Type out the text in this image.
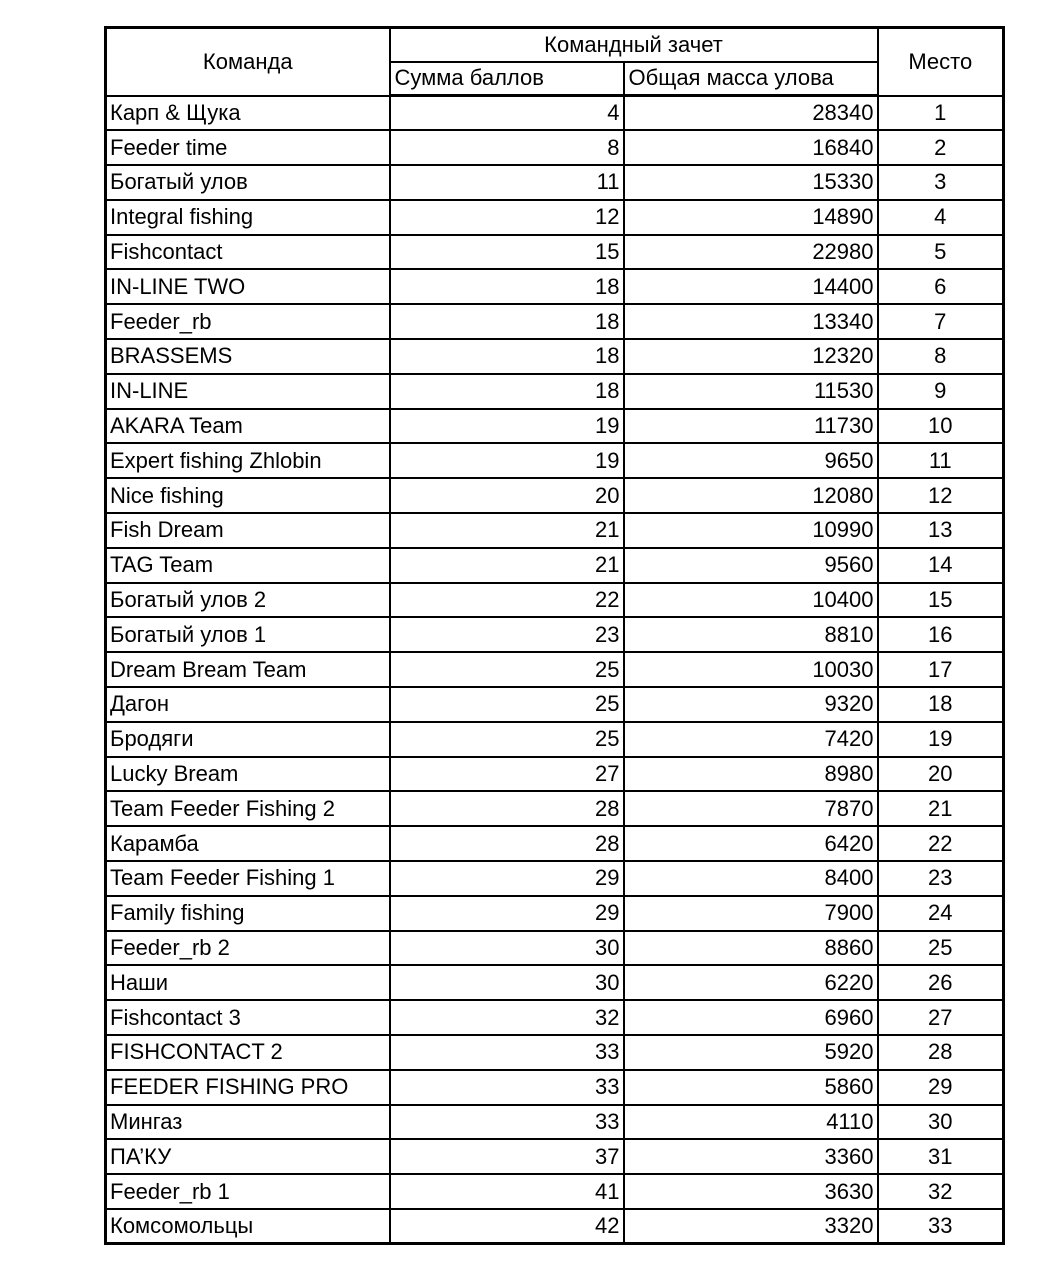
Команда	Командный зачет		Место
	Сумма баллов	Общая масса улова	
Карп & Щука	4	28340	1
Feeder time	8	16840	2
Богатый улов	11	15330	3
Integral fishing	12	14890	4
Fishcontact	15	22980	5
IN-LINE TWO	18	14400	6
Feeder_rb	18	13340	7
BRASSEMS	18	12320	8
IN-LINE	18	11530	9
AKARA Team	19	11730	10
Expert fishing Zhlobin	19	9650	11
Nice fishing	20	12080	12
Fish Dream	21	10990	13
TAG Team	21	9560	14
Богатый улов 2	22	10400	15
Богатый улов 1	23	8810	16
Dream Bream Team	25	10030	17
Дагон	25	9320	18
Бродяги	25	7420	19
Lucky Bream	27	8980	20
Team Feeder Fishing 2	28	7870	21
Карамба	28	6420	22
Team Feeder Fishing 1	29	8400	23
Family fishing	29	7900	24
Feeder_rb 2	30	8860	25
Наши	30	6220	26
Fishcontact 3	32	6960	27
FISHCONTACT 2	33	5920	28
FEEDER FISHING PRO	33	5860	29
Мингаз	33	4110	30
ПА’КУ	37	3360	31
Feeder_rb 1	41	3630	32
Комсомольцы	42	3320	33
